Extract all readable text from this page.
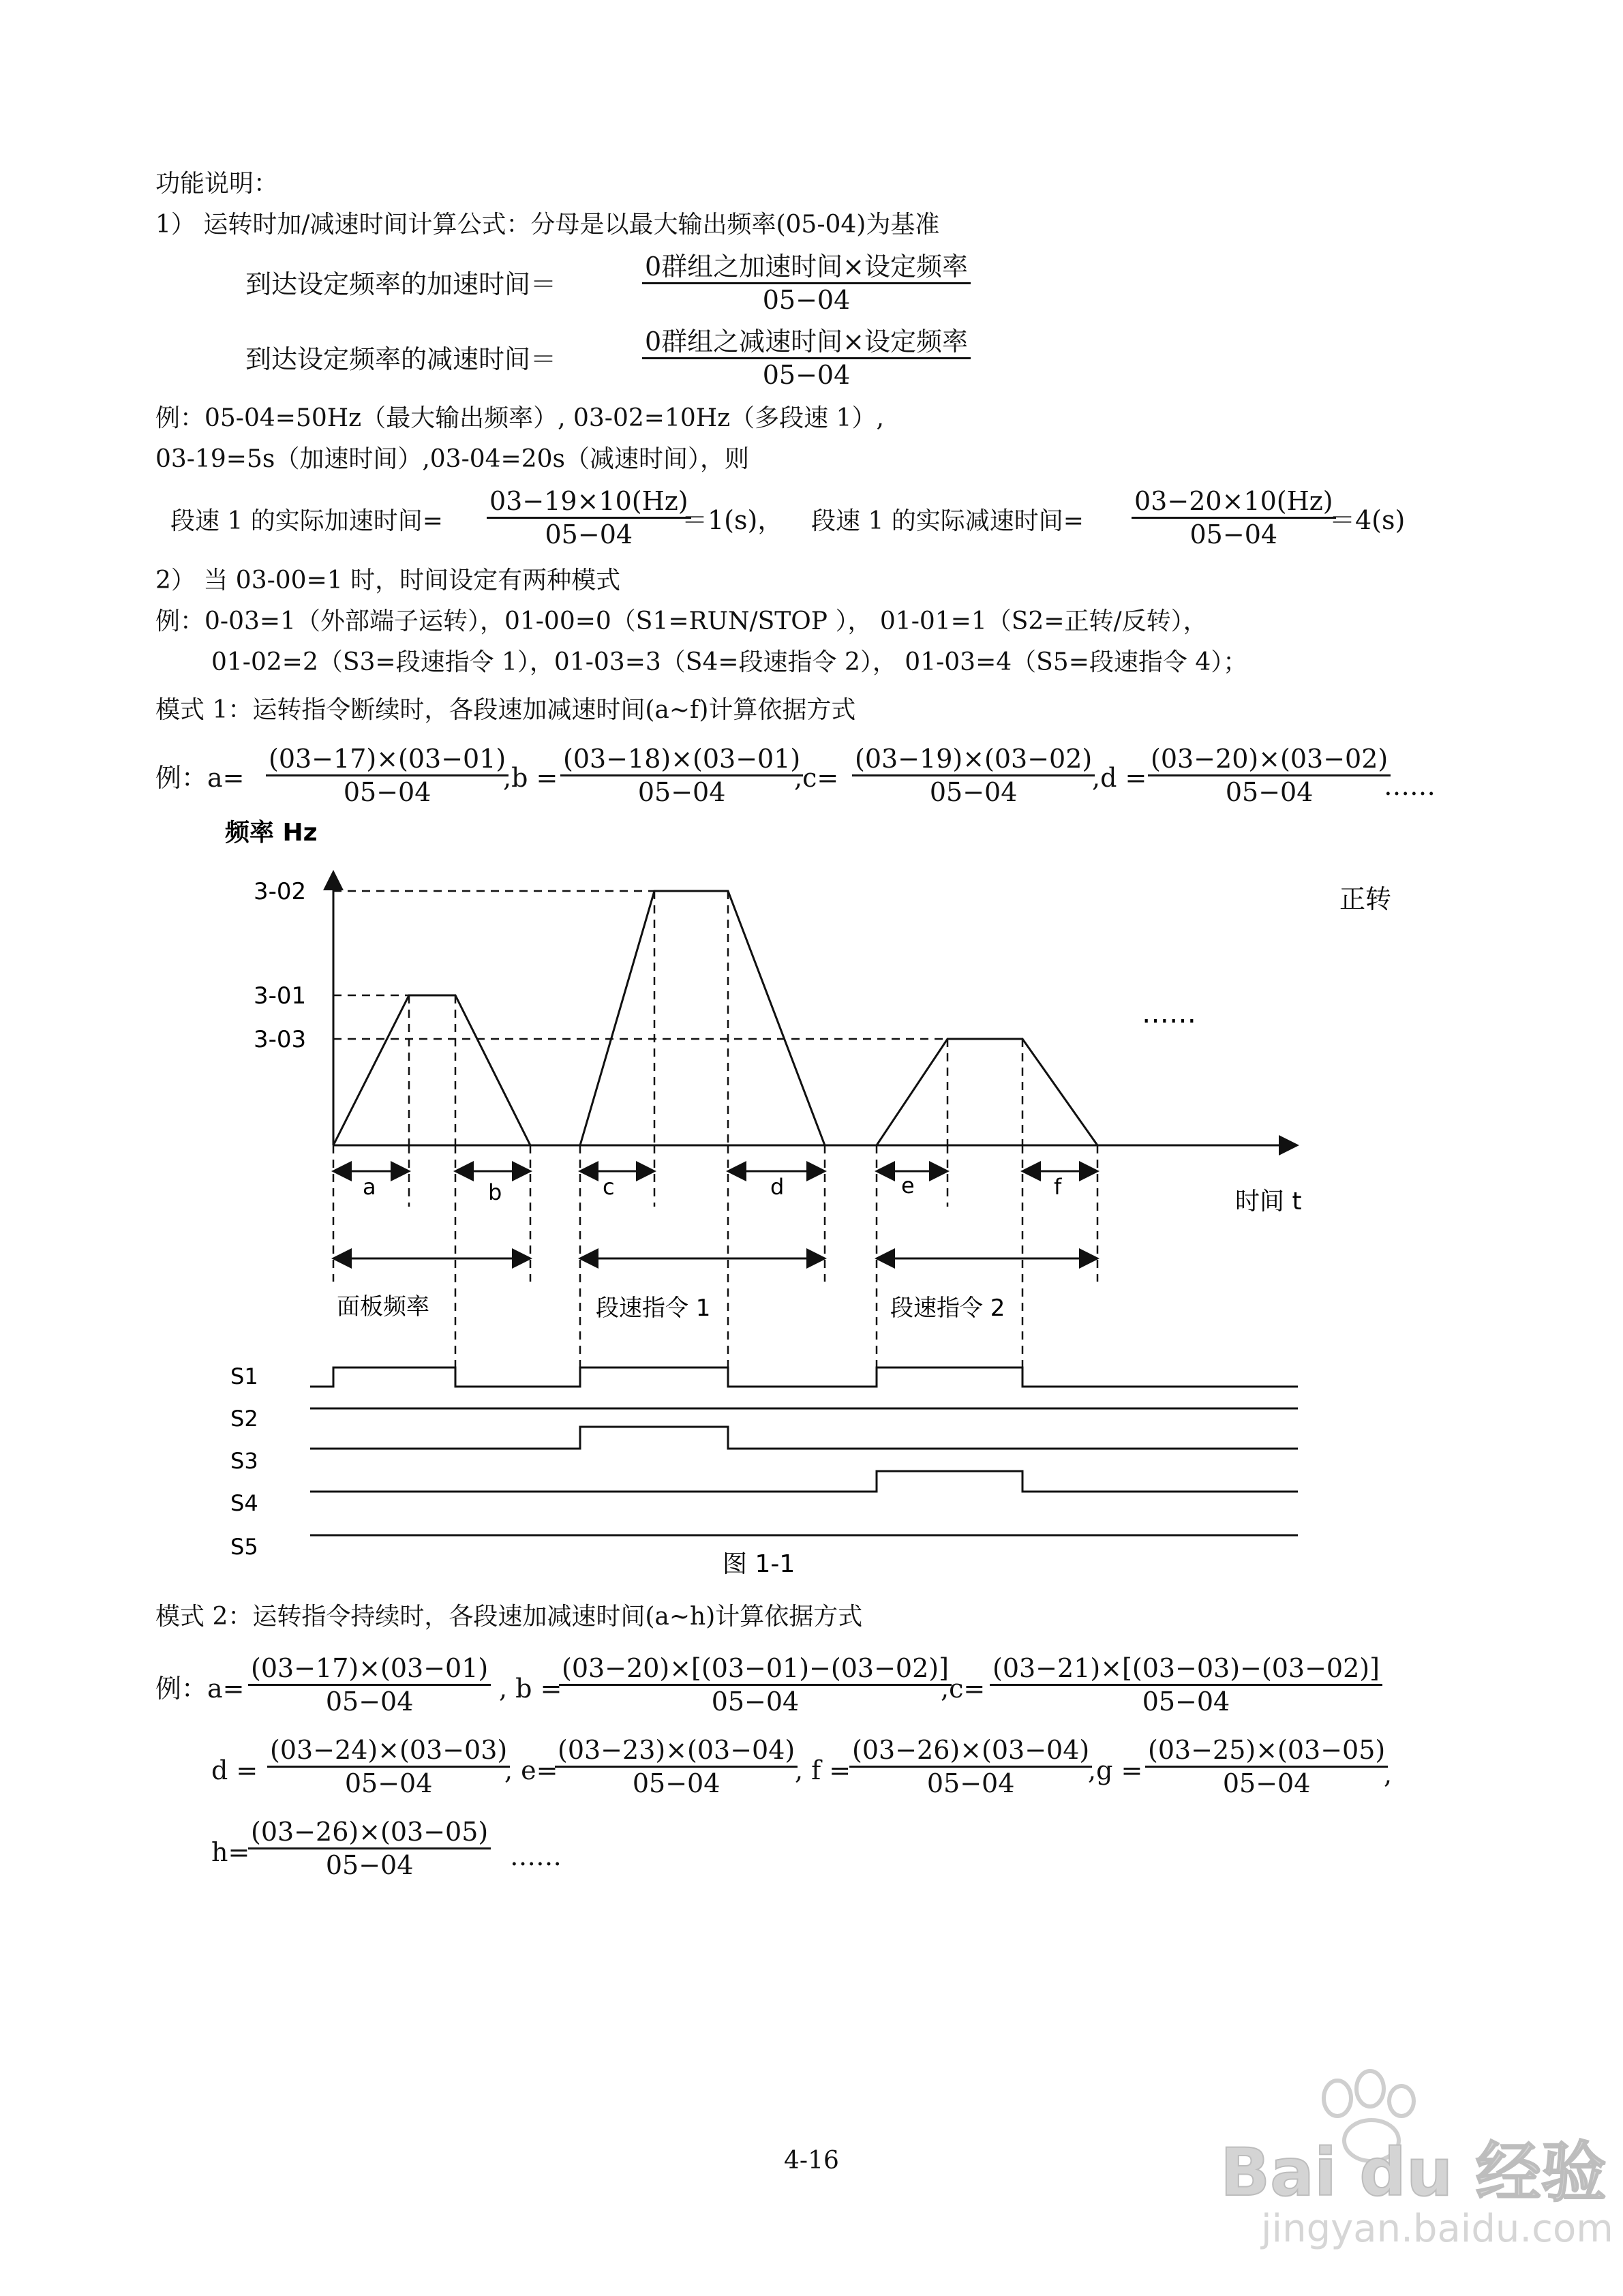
功能说明：
1） 运转时加/减速时间计算公式：分母是以最大输出频率(05-04)为基准
到达设定频率的加速时间＝
0群组之加速时间×设定频率
05−04
到达设定频率的减速时间＝
0群组之减速时间×设定频率
05−04
例：05-04=50Hz（最大输出频率）, 03-02=10Hz（多段速 1）,
03-19=5s（加速时间）,03-04=20s（减速时间），则
段速 1 的实际加速时间= $\frac{03-19\times 10(Hz)}{05-04}$
＝1(s)， 段速 1 的实际减速时间= $\frac{03-20\times 10(Hz)}{05-04}$
＝4(s)
2） 当 03-00=1 时，时间设定有两种模式
例：0-03=1（外部端子运转），01-00=0（S1=RUN/STOP ）， 01-01=1（S2=正转/反转），
01-02=2（S3=段速指令 1），01-03=3（S4=段速指令 2）， 01-03=4（S5=段速指令 4）；
模式 1：运转指令断续时，各段速加减速时间(a~f)计算依据方式
例：a=	,b =	,c=	,d =
$\frac{(03-17)\times(03-01)}{05-04} \frac{(03-18)\times(03-01)}{05-04} \frac{(03-19)\times(03-02)}{05-04} \frac{(03-20)\times(03-02)}{05-04}$
……
频率 Hz
3-02
3-01
3-03
正转
……
时间 t
a	b	c	d	e	f
面板频率	段速指令 1	段速指令 2
S1
S2
S3
S4
S5
图 1-1
模式 2：运转指令持续时，各段速加减速时间(a~h)计算依据方式
例：$a= \frac{(03-17)\times(03-01)}{05-04}$ , b =
$\frac{(03-20)\times[(03-01)-(03-02)]}{05-04}$
$,c= \frac{(03-21)\times[(03-03)-(03-02)]}{05-04}$
$d = \frac{(03-24)\times(03-03)}{05-04}$
, e=
$\frac{(03-23)\times(03-04)}{05-04}$
, f =
$\frac{(03-26)\times(03-04)}{05-04}$
$,g = \frac{(03-25)\times(03-05)}{05-04}$
,
h=
$\frac{(03-26)\times(03-05)}{05-04}$ ……
Bai du 经验
jingyan.baidu.com
4-16
